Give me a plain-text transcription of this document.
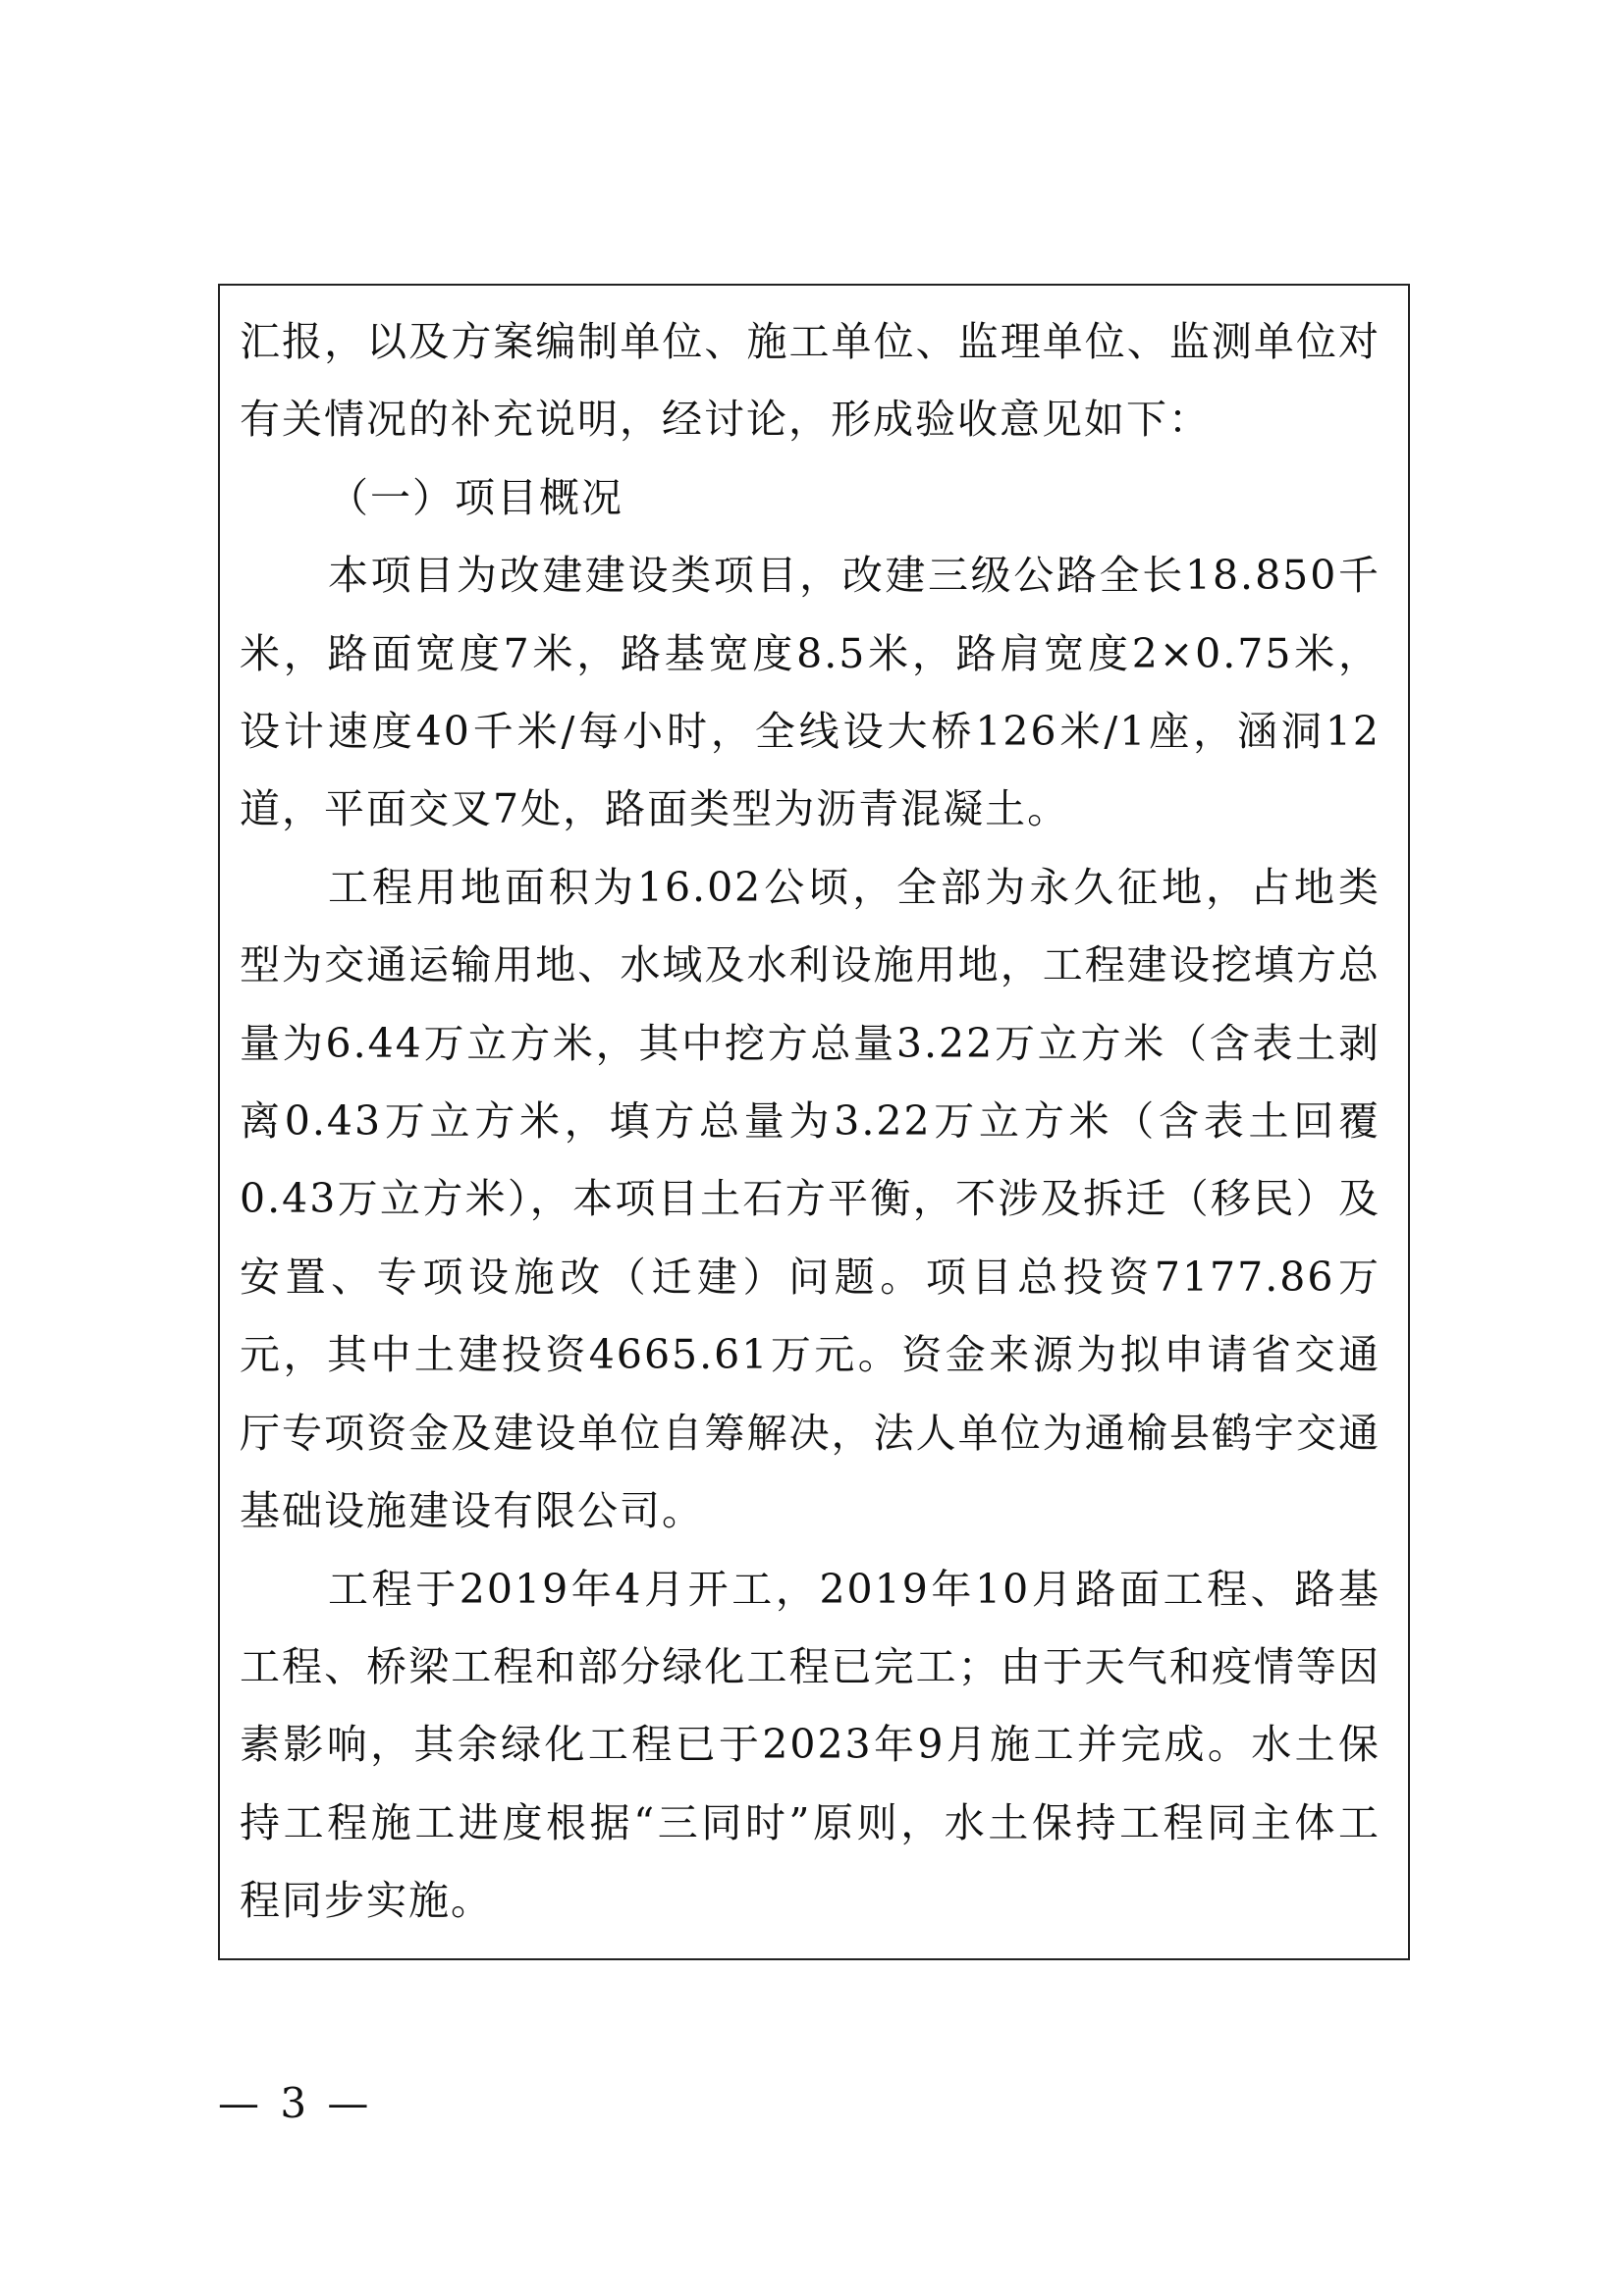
汇报，以及方案编制单位、施工单位、监理单位、监测单位对有关情况的补充说明，经讨论，形成验收意见如下：

（一）项目概况

本项目为改建建设类项目，改建三级公路全长18.850千米，路面宽度7米，路基宽度8.5米，路肩宽度2×0.75米，设计速度40千米/每小时，全线设大桥126米/1座，涵洞12道，平面交叉7处，路面类型为沥青混凝土。

工程用地面积为16.02公顷，全部为永久征地，占地类型为交通运输用地、水域及水利设施用地，工程建设挖填方总量为6.44万立方米，其中挖方总量3.22万立方米（含表土剥离0.43万立方米，填方总量为3.22万立方米（含表土回覆0.43万立方米），本项目土石方平衡，不涉及拆迁（移民）及安置、专项设施改（迁建）问题。项目总投资7177.86万元，其中土建投资4665.61万元。资金来源为拟申请省交通厅专项资金及建设单位自筹解决，法人单位为通榆县鹤宇交通基础设施建设有限公司。

工程于2019年4月开工，2019年10月路面工程、路基工程、桥梁工程和部分绿化工程已完工；由于天气和疫情等因素影响，其余绿化工程已于2023年9月施工并完成。水土保持工程施工进度根据“三同时”原则，水土保持工程同主体工程同步实施。

— 3 —
